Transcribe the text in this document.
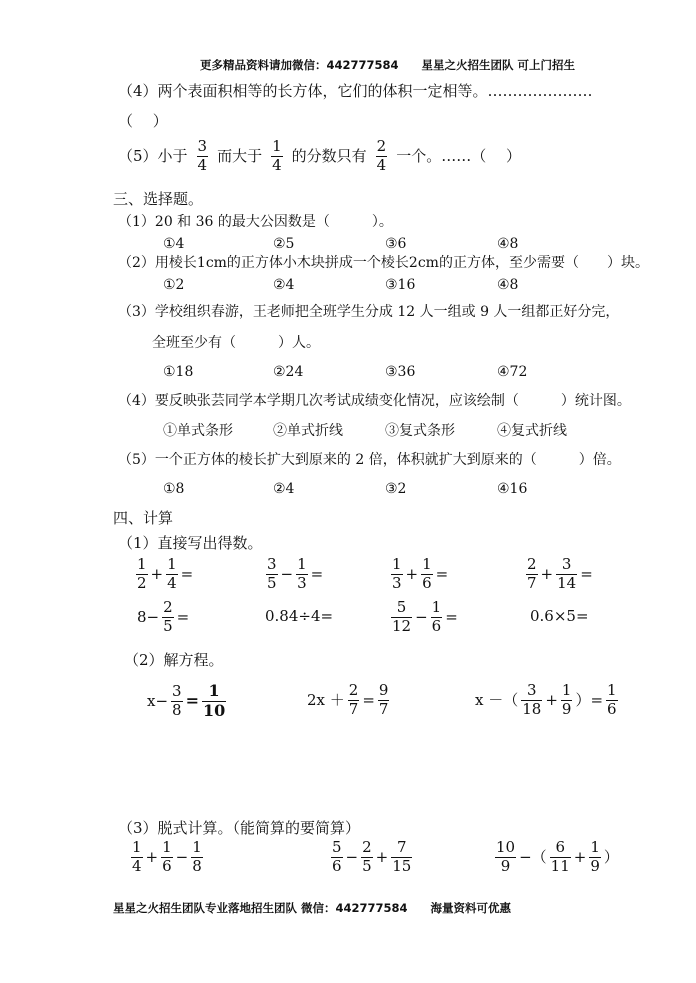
更多精品资料请加微信：442777584　　星星之火招生团队 可上门招生
（4）两个表面积相等的长方体，它们的体积一定相等。…………………
（　 ）
（5）小于 $\frac{3}{4}$ 而大于 $\frac{1}{4}$ 的分数只有 $\frac{2}{4}$ 一个。……（　 ）
三、选择题。
（1）20 和 36 的最大公因数是（　　　）。
①4	②5	③6	④8
（2）用棱长1cm的正方体小木块拼成一个棱长2cm的正方体，至少需要（　　）块。
①2	②4	③16	④8
（3）学校组织春游，王老师把全班学生分成 12 人一组或 9 人一组都正好分完，
全班至少有（　　　）人。
①18	②24	③36	④72
（4）要反映张芸同学本学期几次考试成绩变化情况，应该绘制（　　　）统计图。
①单式条形	②单式折线	③复式条形	④复式折线
（5）一个正方体的棱长扩大到原来的 2 倍，体积就扩大到原来的（　　　）倍。
①8	②4	③2	④16
四、计算
（1）直接写出得数。
$\frac{1}{2} + \frac{1}{4}$ =	$\frac{3}{5} - \frac{1}{3}$ =	$\frac{1}{3} + \frac{1}{6}$ =	$\frac{2}{7} + \frac{3}{14}$ =
$8- \frac{2}{5}$ =	0.84÷4=	$\frac{5}{12} - \frac{1}{6}$ =	0.6×5=
（2）解方程。
$x- \frac{3}{8} = \frac{1}{10}$	$2x + \frac{2}{7} = \frac{9}{7}$	x －（ $\frac{3}{18} + \frac{1}{9}$ ）= $\frac{1}{6}$
（3）脱式计算。（能简算的要简算）
$\frac{1}{4} + \frac{1}{6} - \frac{1}{8}$	$\frac{5}{6} - \frac{2}{5} + \frac{7}{15}$	$\frac{10}{9}$ −（ $\frac{6}{11} + \frac{1}{9}$ ）
星星之火招生团队专业落地招生团队 微信：442777584　　海量资料可优惠
